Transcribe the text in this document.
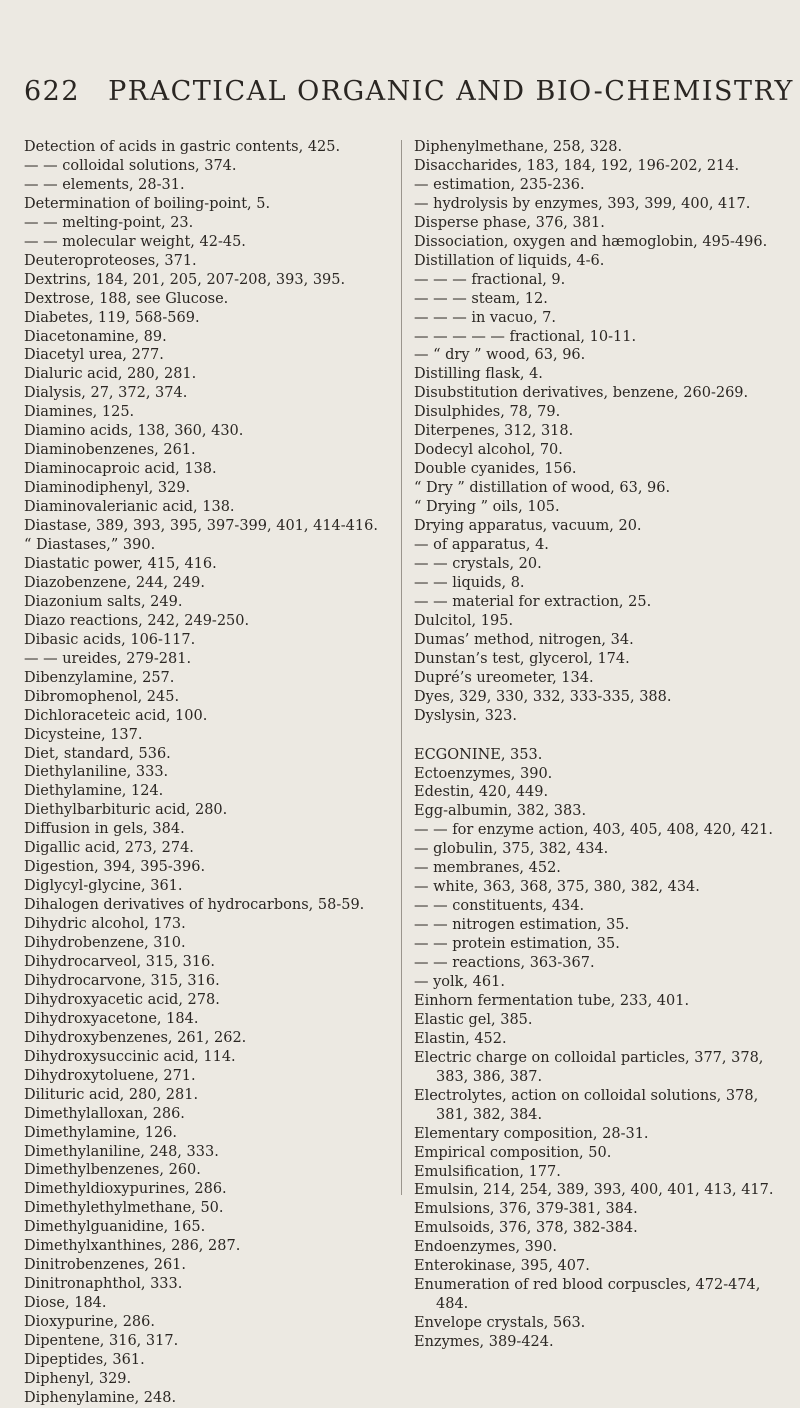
622 PRACTICAL ORGANIC AND BIO-CHEMISTRY
Detection of acids in gastric contents, 425.
— — colloidal solutions, 374.
— — elements, 28-31.
Determination of boiling-point, 5.
— — melting-point, 23.
— — molecular weight, 42-45.
Deuteroproteoses, 371.
Dextrins, 184, 201, 205, 207-208, 393, 395.
Dextrose, 188, see Glucose.
Diabetes, 119, 568-569.
Diacetonamine, 89.
Diacetyl urea, 277.
Dialuric acid, 280, 281.
Dialysis, 27, 372, 374.
Diamines, 125.
Diamino acids, 138, 360, 430.
Diaminobenzenes, 261.
Diaminocaproic acid, 138.
Diaminodiphenyl, 329.
Diaminovalerianic acid, 138.
Diastase, 389, 393, 395, 397-399, 401, 414-416.
“ Diastases,” 390.
Diastatic power, 415, 416.
Diazobenzene, 244, 249.
Diazonium salts, 249.
Diazo reactions, 242, 249-250.
Dibasic acids, 106-117.
— — ureides, 279-281.
Dibenzylamine, 257.
Dibromophenol, 245.
Dichloraceteic acid, 100.
Dicysteine, 137.
Diet, standard, 536.
Diethylaniline, 333.
Diethylamine, 124.
Diethylbarbituric acid, 280.
Diffusion in gels, 384.
Digallic acid, 273, 274.
Digestion, 394, 395-396.
Diglycyl-glycine, 361.
Dihalogen derivatives of hydrocarbons, 58-59.
Dihydric alcohol, 173.
Dihydrobenzene, 310.
Dihydrocarveol, 315, 316.
Dihydrocarvone, 315, 316.
Dihydroxyacetic acid, 278.
Dihydroxyacetone, 184.
Dihydroxybenzenes, 261, 262.
Dihydroxysuccinic acid, 114.
Dihydroxytoluene, 271.
Dilituric acid, 280, 281.
Dimethylalloxan, 286.
Dimethylamine, 126.
Dimethylaniline, 248, 333.
Dimethylbenzenes, 260.
Dimethyldioxypurines, 286.
Dimethylethylmethane, 50.
Dimethylguanidine, 165.
Dimethylxanthines, 286, 287.
Dinitrobenzenes, 261.
Dinitronaphthol, 333.
Diose, 184.
Dioxypurine, 286.
Dipentene, 316, 317.
Dipeptides, 361.
Diphenyl, 329.
Diphenylamine, 248.
Diphenylmethane, 258, 328.
Disaccharides, 183, 184, 192, 196-202, 214.
— estimation, 235-236.
— hydrolysis by enzymes, 393, 399, 400, 417.
Disperse phase, 376, 381.
Dissociation, oxygen and hæmoglobin, 495-496.
Distillation of liquids, 4-6.
— — — fractional, 9.
— — — steam, 12.
— — — in vacuo, 7.
— — — — — fractional, 10-11.
— “ dry ” wood, 63, 96.
Distilling flask, 4.
Disubstitution derivatives, benzene, 260-269.
Disulphides, 78, 79.
Diterpenes, 312, 318.
Dodecyl alcohol, 70.
Double cyanides, 156.
“ Dry ” distillation of wood, 63, 96.
“ Drying ” oils, 105.
Drying apparatus, vacuum, 20.
— of apparatus, 4.
— — crystals, 20.
— — liquids, 8.
— — material for extraction, 25.
Dulcitol, 195.
Dumas’ method, nitrogen, 34.
Dunstan’s test, glycerol, 174.
Dupré’s ureometer, 134.
Dyes, 329, 330, 332, 333-335, 388.
Dyslysin, 323.
ECGONINE, 353.
Ectoenzymes, 390.
Edestin, 420, 449.
Egg-albumin, 382, 383.
— — for enzyme action, 403, 405, 408, 420, 421.
— globulin, 375, 382, 434.
— membranes, 452.
— white, 363, 368, 375, 380, 382, 434.
— — constituents, 434.
— — nitrogen estimation, 35.
— — protein estimation, 35.
— — reactions, 363-367.
— yolk, 461.
Einhorn fermentation tube, 233, 401.
Elastic gel, 385.
Elastin, 452.
Electric charge on colloidal particles, 377, 378, 383, 386, 387.
Electrolytes, action on colloidal solutions, 378, 381, 382, 384.
Elementary composition, 28-31.
Empirical composition, 50.
Emulsification, 177.
Emulsin, 214, 254, 389, 393, 400, 401, 413, 417.
Emulsions, 376, 379-381, 384.
Emulsoids, 376, 378, 382-384.
Endoenzymes, 390.
Enterokinase, 395, 407.
Enumeration of red blood corpuscles, 472-474, 484.
Envelope crystals, 563.
Enzymes, 389-424.
